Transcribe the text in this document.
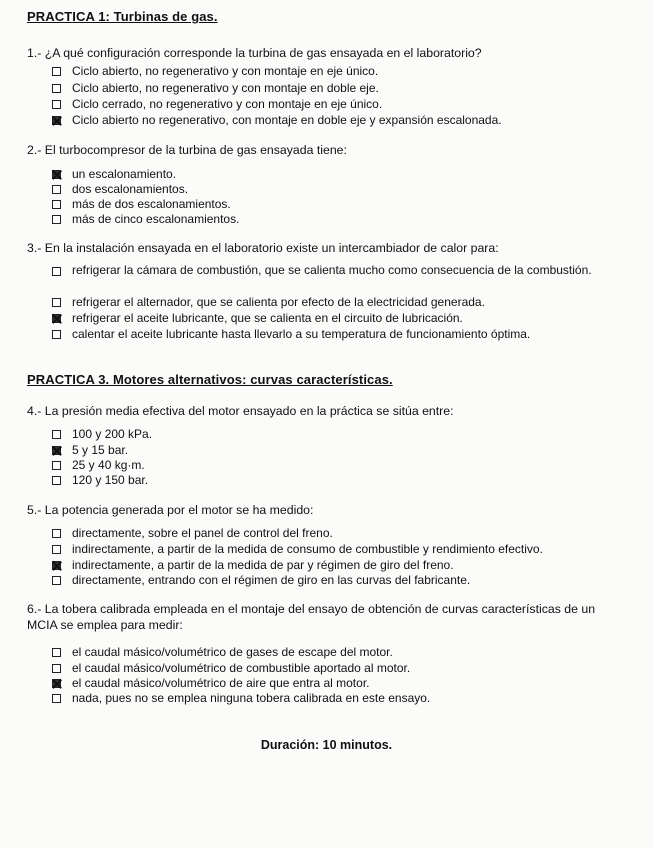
PRACTICA 1: Turbinas de gas.
1.- ¿A qué configuración corresponde la turbina de gas ensayada en el laboratorio?
Ciclo abierto, no regenerativo y con montaje en eje único.
Ciclo abierto, no regenerativo y con montaje en doble eje.
Ciclo cerrado, no regenerativo y con montaje en eje único.
Ciclo abierto no regenerativo, con montaje en doble eje y expansión escalonada.
2.- El turbocompresor de la turbina de gas ensayada tiene:
un escalonamiento.
dos escalonamientos.
más de dos escalonamientos.
más de cinco escalonamientos.
3.- En la instalación ensayada en el laboratorio existe un intercambiador de calor para:
refrigerar la cámara de combustión, que se calienta mucho como consecuencia de la combustión.
refrigerar el alternador, que se calienta por efecto de la electricidad generada.
refrigerar el aceite lubricante, que se calienta en el circuito de lubricación.
calentar el aceite lubricante hasta llevarlo a su temperatura de funcionamiento óptima.
PRACTICA 3. Motores alternativos: curvas características.
4.- La presión media efectiva del motor ensayado en la práctica se sitúa entre:
100 y 200 kPa.
5 y 15 bar.
25 y 40 kg·m.
120 y 150 bar.
5.- La potencia generada por el motor se ha medido:
directamente, sobre el panel de control del freno.
indirectamente, a partir de la medida de consumo de combustible y rendimiento efectivo.
indirectamente, a partir de la medida de par y régimen de giro del freno.
directamente, entrando con el régimen de giro en las curvas del fabricante.
6.- La tobera calibrada empleada en el montaje del ensayo de obtención de curvas características de un MCIA se emplea para medir:
el caudal másico/volumétrico de gases de escape del motor.
el caudal másico/volumétrico de combustible aportado al motor.
el caudal másico/volumétrico de aire que entra al motor.
nada, pues no se emplea ninguna tobera calibrada en este ensayo.
Duración: 10 minutos.
